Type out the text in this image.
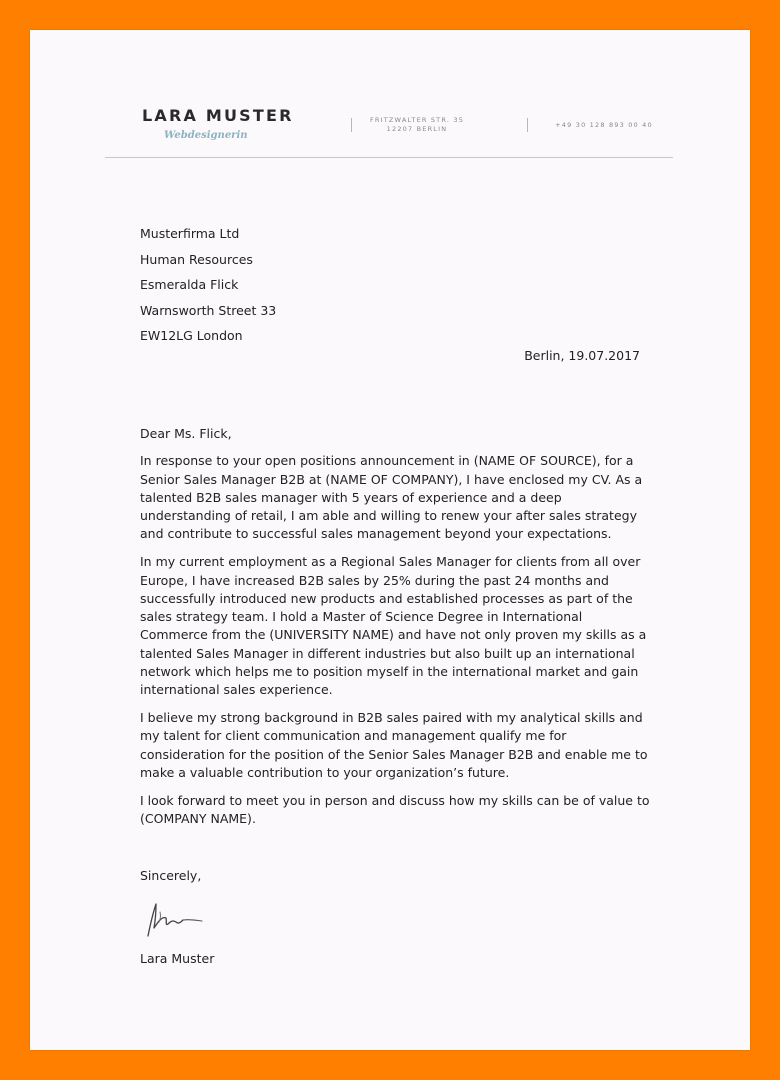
LARA MUSTER
Webdesignerin
FRITZWALTER STR. 35
12207 BERLIN	+49 30 128 893 00 40
Musterfirma Ltd
Human Resources
Esmeralda Flick
Warnsworth Street 33
EW12LG London
Berlin, 19.07.2017

Dear Ms. Flick,

In response to your open positions announcement in (NAME OF SOURCE), for a Senior Sales Manager B2B at (NAME OF COMPANY), I have enclosed my CV. As a talented B2B sales manager with 5 years of experience and a deep understanding of retail, I am able and willing to renew your after sales strategy and contribute to successful sales management beyond your expectations.

In my current employment as a Regional Sales Manager for clients from all over Europe, I have increased B2B sales by 25% during the past 24 months and successfully introduced new products and established processes as part of the sales strategy team. I hold a Master of Science Degree in International Commerce from the (UNIVERSITY NAME) and have not only proven my skills as a talented Sales Manager in different industries but also built up an international network which helps me to position myself in the international market and gain international sales experience.

I believe my strong background in B2B sales paired with my analytical skills and my talent for client communication and management qualify me for consideration for the position of the Senior Sales Manager B2B and enable me to make a valuable contribution to your organization’s future.

I look forward to meet you in person and discuss how my skills can be of value to (COMPANY NAME).

Sincerely,
Lara Muster
